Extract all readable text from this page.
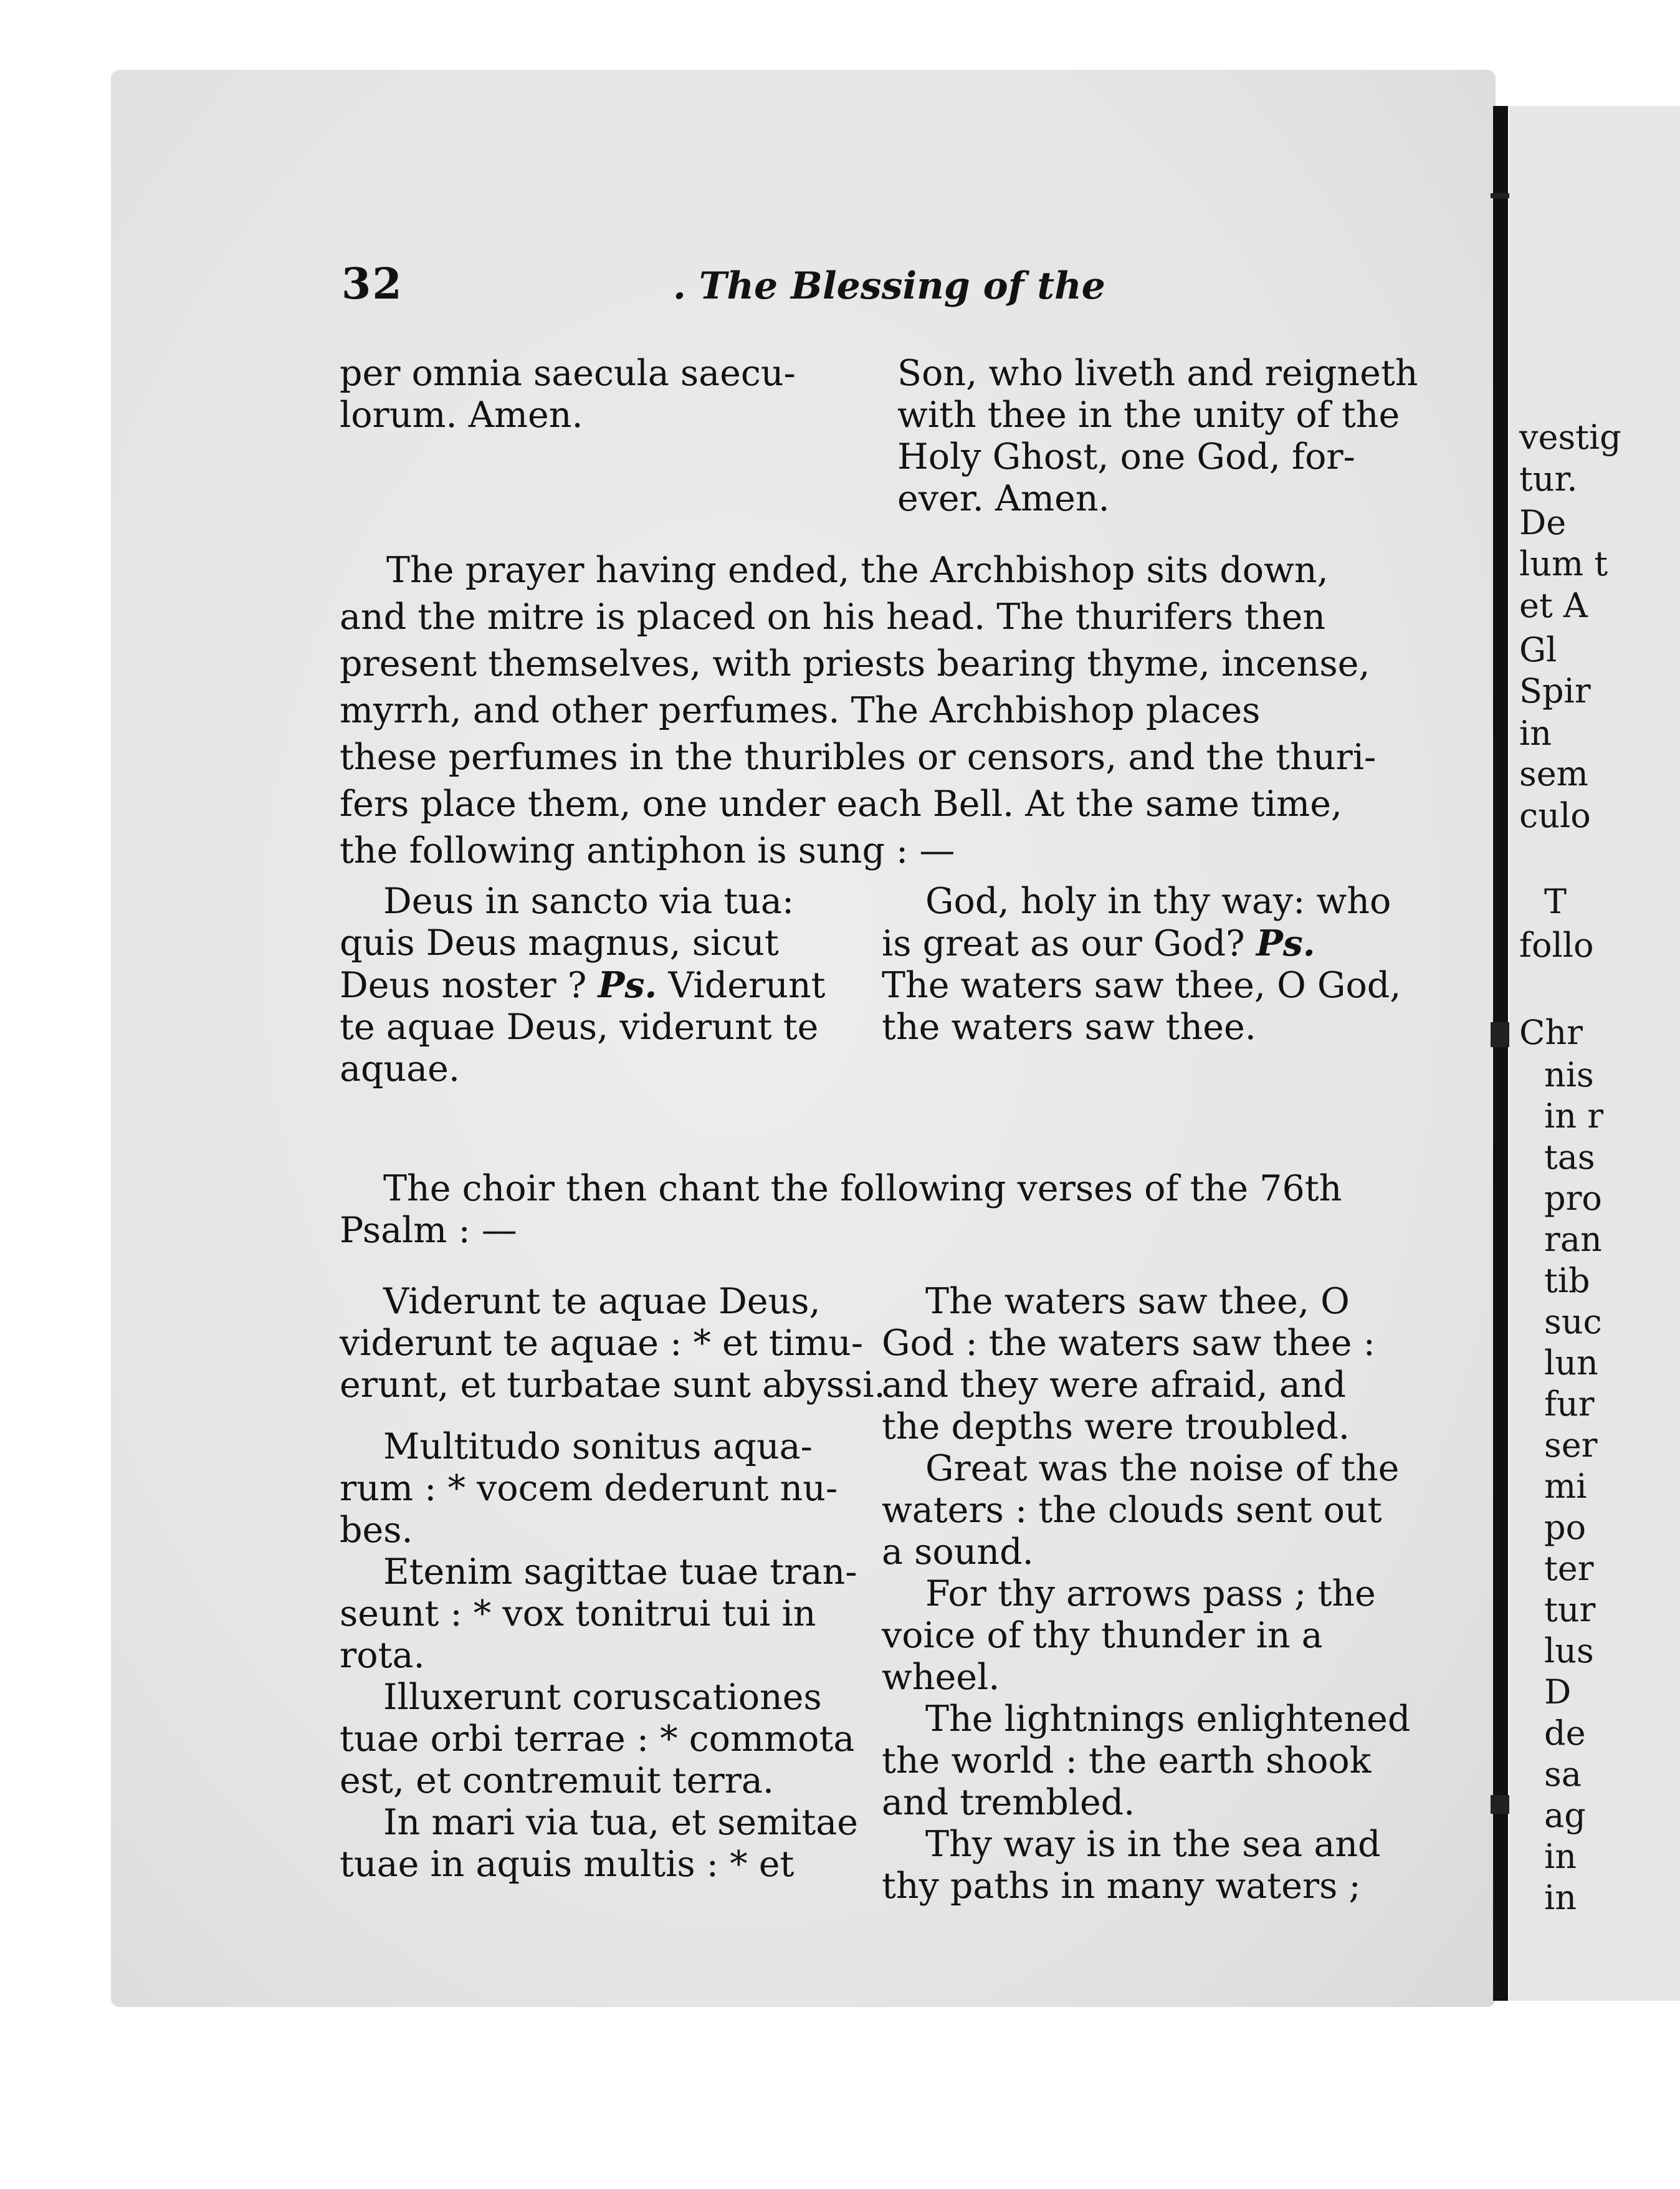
vestig
tur.
De
lum t
et A
Gl
Spir
in
sem
culo
T
follo
Chr
nis
in r
tas
pro
ran
tib
suc
lun
fur
ser
mi
po
ter
tur
lus
D
de
sa
ag
in
in
32	. The Blessing of the
per omnia saecula saecu-
lorum. Amen.
Son, who liveth and reigneth
with thee in the unity of the
Holy Ghost, one God, for-
ever. Amen.
The prayer having ended, the Archbishop sits down,
and the mitre is placed on his head. The thurifers then
present themselves, with priests bearing thyme, incense,
myrrh, and other perfumes. The Archbishop places
these perfumes in the thuribles or censors, and the thuri-
fers place them, one under each Bell. At the same time,
the following antiphon is sung : —
Deus in sancto via tua:
quis Deus magnus, sicut
Deus noster ? Ps. Viderunt
te aquae Deus, viderunt te
aquae.
God, holy in thy way: who
is great as our God? Ps.
The waters saw thee, O God,
the waters saw thee.
The choir then chant the following verses of the 76th
Psalm : —
Viderunt te aquae Deus,
viderunt te aquae : * et timu-
erunt, et turbatae sunt abyssi.
Multitudo sonitus aqua-
rum : * vocem dederunt nu-
bes.
Etenim sagittae tuae tran-
seunt : * vox tonitrui tui in
rota.
Illuxerunt coruscationes
tuae orbi terrae : * commota
est, et contremuit terra.
In mari via tua, et semitae
tuae in aquis multis : * et
The waters saw thee, O
God : the waters saw thee :
and they were afraid, and
the depths were troubled.
Great was the noise of the
waters : the clouds sent out
a sound.
For thy arrows pass ; the
voice of thy thunder in a
wheel.
The lightnings enlightened
the world : the earth shook
and trembled.
Thy way is in the sea and
thy paths in many waters ;
